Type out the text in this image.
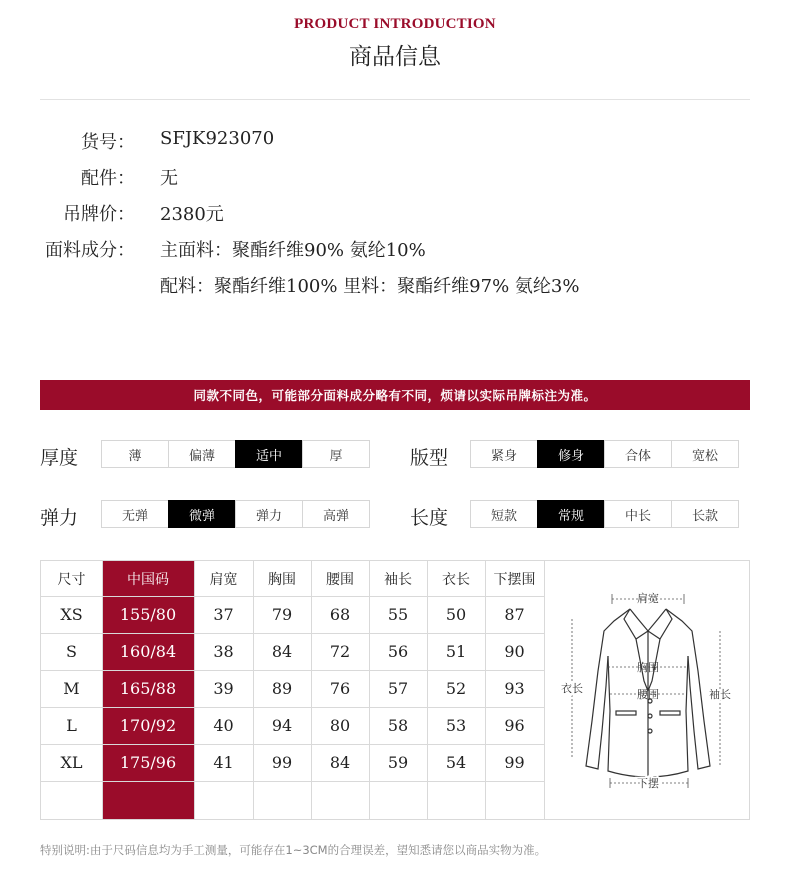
PRODUCT INTRODUCTION
商品信息
货号： SFJK923070
配件： 无
吊牌价： 2380元
面料成分： 主面料：聚酯纤维90% 氨纶10%
配料：聚酯纤维100% 里料：聚酯纤维97% 氨纶3%
同款不同色，可能部分面料成分略有不同，烦请以实际吊牌标注为准。
厚度	薄	偏薄	适中	厚	版型	紧身	修身	合体	宽松
弹力	无弹	微弹	弹力	高弹	长度	短款	常规	中长	长款
尺寸	中国码	肩宽	胸围	腰围	袖长	衣长	下摆围
XS	155/80	37	79	68	55	50	87
S	160/84	38	84	72	56	51	90
M	165/88	39	89	76	57	52	93
L	170/92	40	94	80	58	53	96
XL	175/96	41	99	84	59	54	99
肩宽
胸围
腰围
衣长	袖长
下摆
特别说明:由于尺码信息均为手工测量，可能存在1~3CM的合理误差，望知悉请您以商品实物为准。
